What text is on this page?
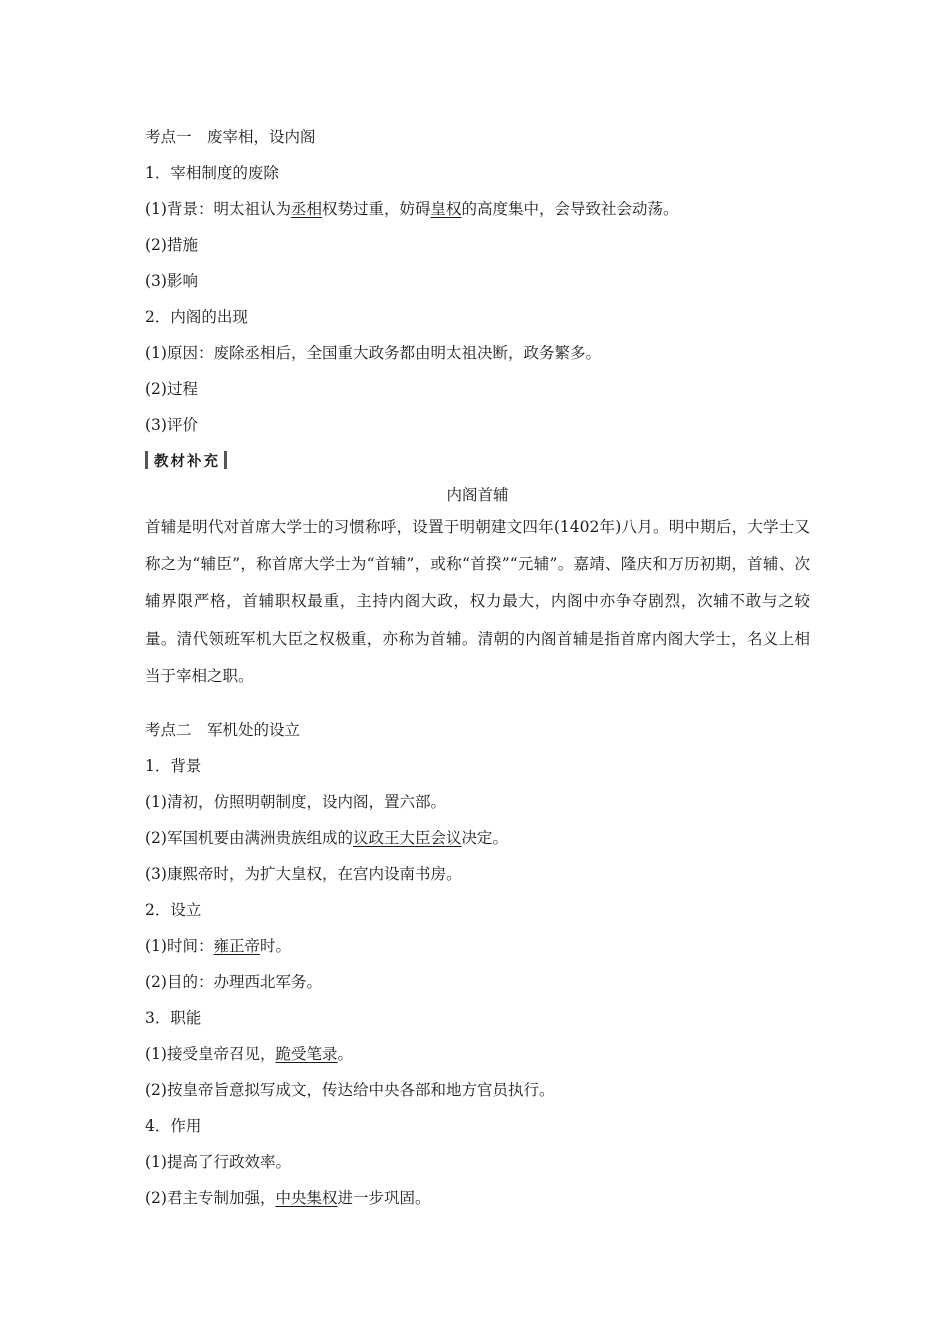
考点一　废宰相，设内阁
1．宰相制度的废除
(1)背景：明太祖认为丞相权势过重，妨碍皇权的高度集中，会导致社会动荡。
(2)措施
(3)影响
2．内阁的出现
(1)原因：废除丞相后，全国重大政务都由明太祖决断，政务繁多。
(2)过程
(3)评价
教材补充
内阁首辅
首辅是明代对首席大学士的习惯称呼，设置于明朝建文四年(1402年)八月。明中期后，大学士又称之为“辅臣”，称首席大学士为“首辅”，或称“首揆”“元辅”。嘉靖、隆庆和万历初期，首辅、次辅界限严格，首辅职权最重，主持内阁大政，权力最大，内阁中亦争夺剧烈，次辅不敢与之较量。清代领班军机大臣之权极重，亦称为首辅。清朝的内阁首辅是指首席内阁大学士，名义上相当于宰相之职。
考点二　军机处的设立
1．背景
(1)清初，仿照明朝制度，设内阁，置六部。
(2)军国机要由满洲贵族组成的议政王大臣会议决定。
(3)康熙帝时，为扩大皇权，在宫内设南书房。
2．设立
(1)时间：雍正帝时。
(2)目的：办理西北军务。
3．职能
(1)接受皇帝召见，跪受笔录。
(2)按皇帝旨意拟写成文，传达给中央各部和地方官员执行。
4．作用
(1)提高了行政效率。
(2)君主专制加强，中央集权进一步巩固。
